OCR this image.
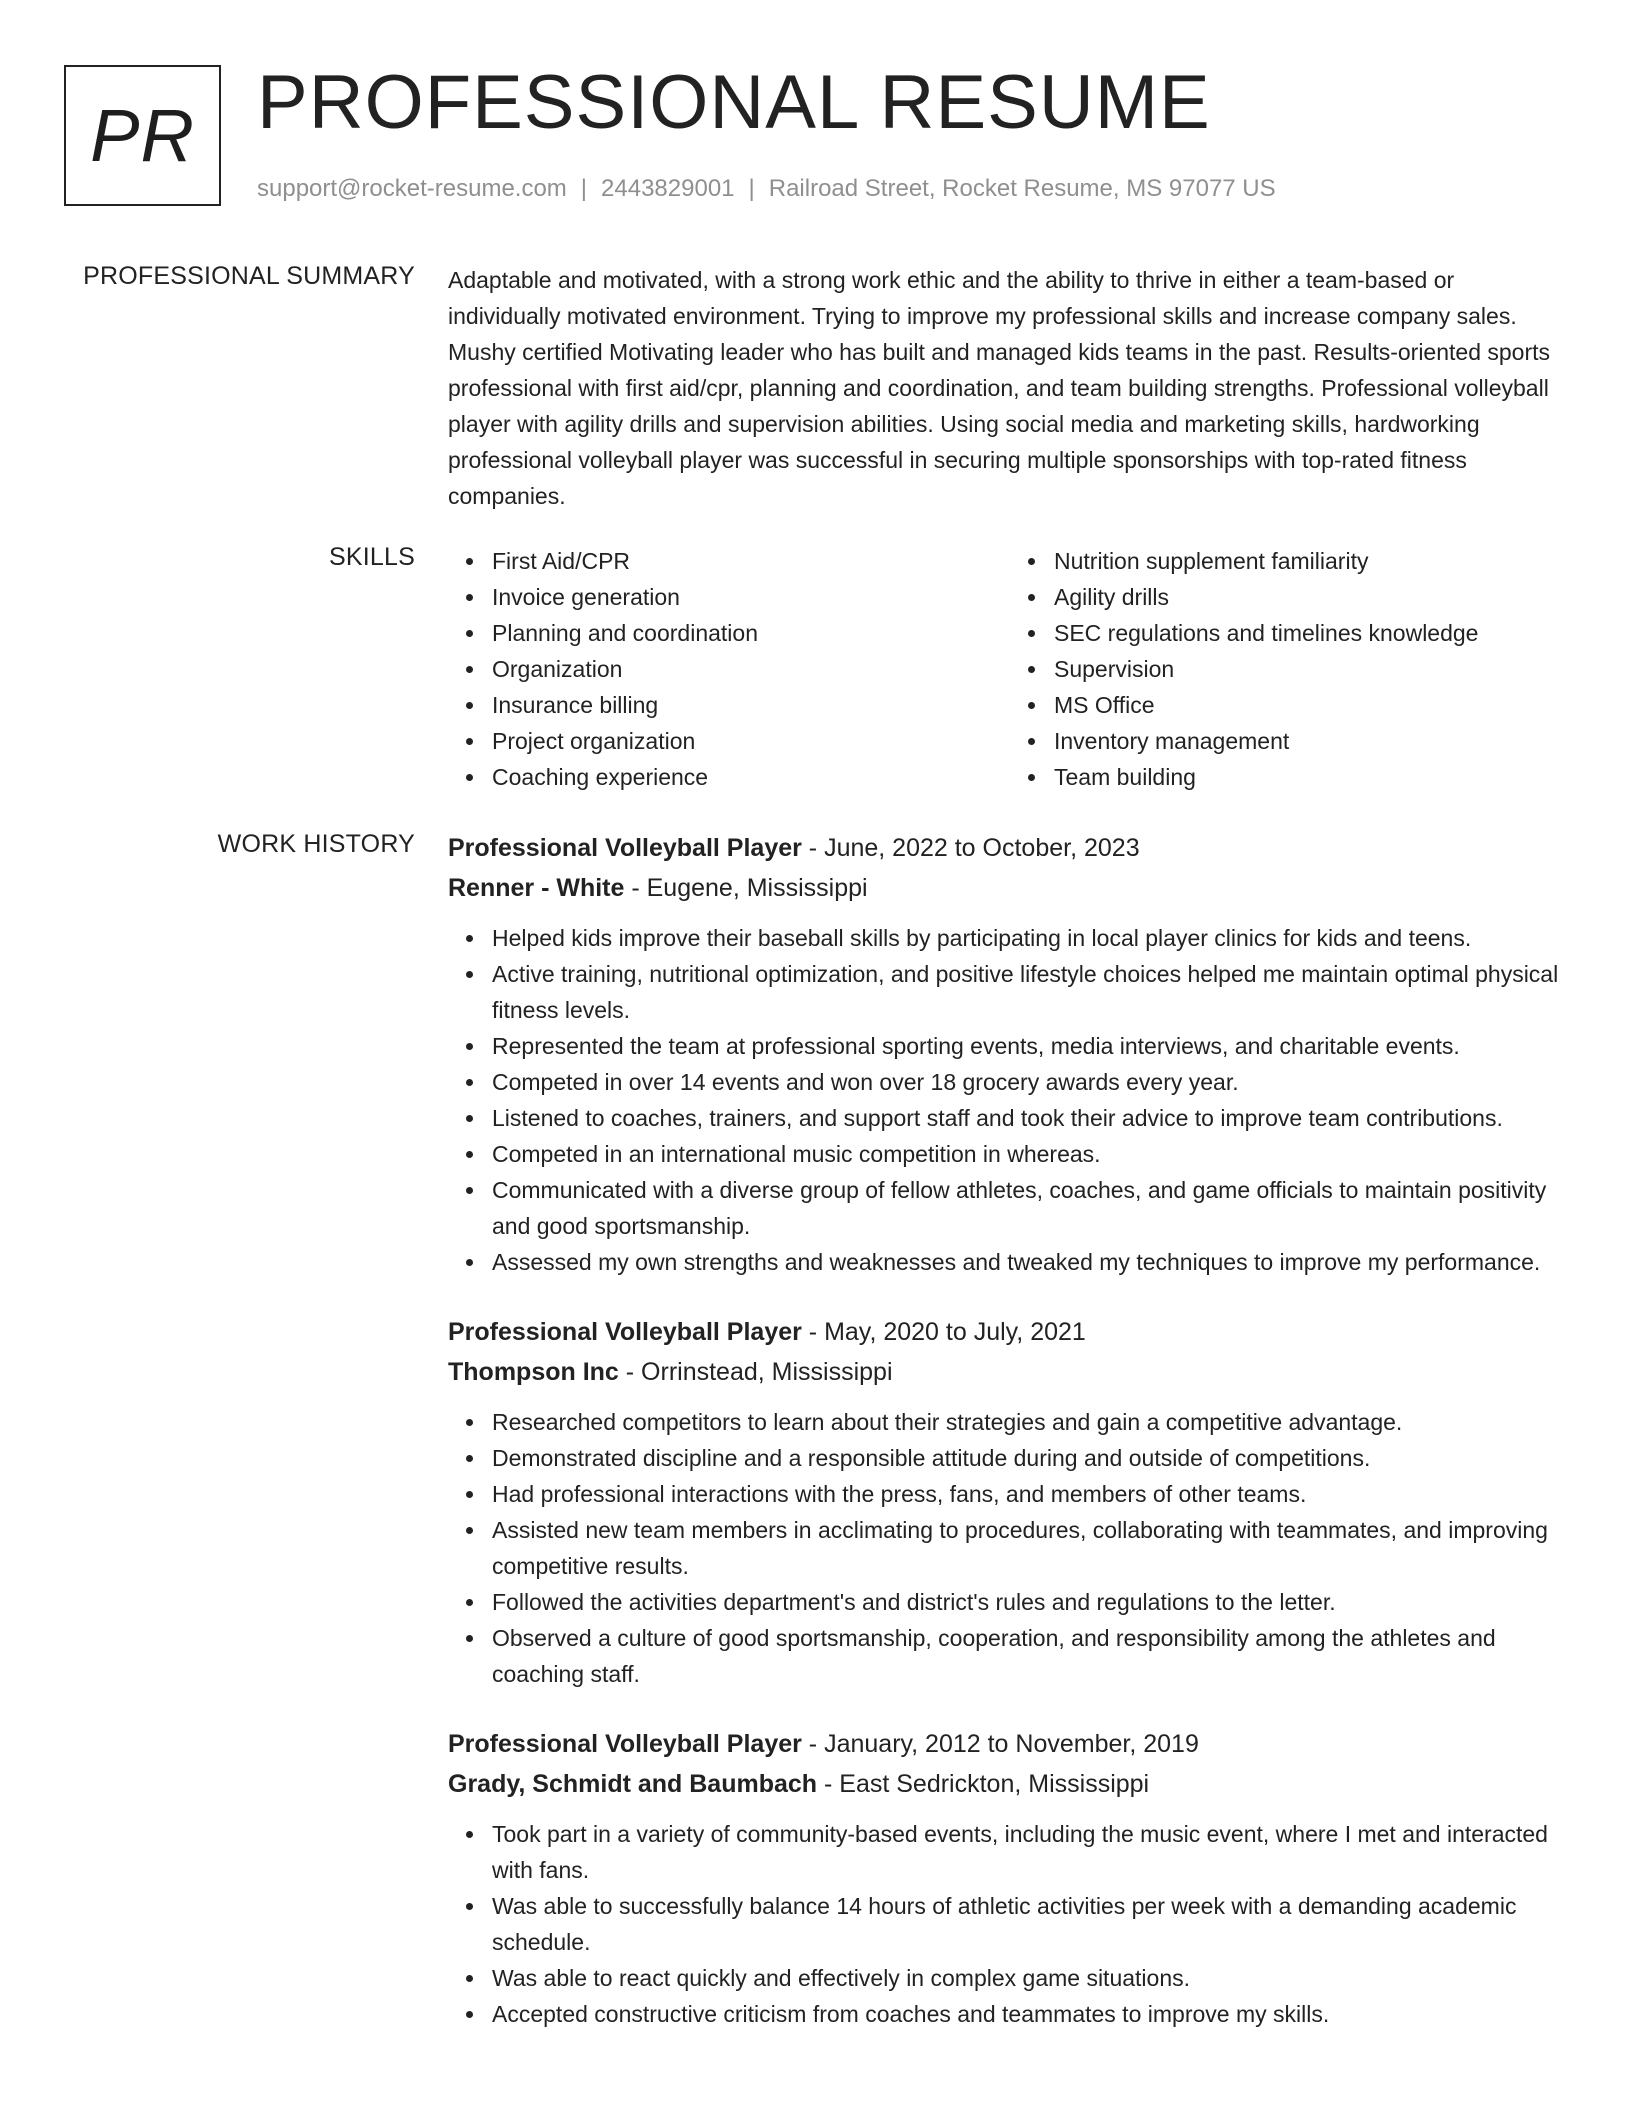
PR PROFESSIONAL RESUME
support@rocket-resume.com | 2443829001 | Railroad Street, Rocket Resume, MS 97077 US
PROFESSIONAL SUMMARY Adaptable and motivated, with a strong work ethic and the ability to thrive in either a team-based or individually motivated environment. Trying to improve my professional skills and increase company sales. Mushy certified Motivating leader who has built and managed kids teams in the past. Results-oriented sports professional with first aid/cpr, planning and coordination, and team building strengths. Professional volleyball player with agility drills and supervision abilities. Using social media and marketing skills, hardworking professional volleyball player was successful in securing multiple sponsorships with top-rated fitness companies.

SKILLS	First Aid/CPR
Invoice generation
Planning and coordination
Organization
Insurance billing
Project organization
Coaching experience
Nutrition supplement familiarity
Agility drills
SEC regulations and timelines knowledge
Supervision
MS Office
Inventory management
Team building
WORK HISTORY Professional Volleyball Player - June, 2022 to October, 2023
Renner - White - Eugene, Mississippi
Helped kids improve their baseball skills by participating in local player clinics for kids and teens.
Active training, nutritional optimization, and positive lifestyle choices helped me maintain optimal physical fitness levels.
Represented the team at professional sporting events, media interviews, and charitable events.
Competed in over 14 events and won over 18 grocery awards every year.
Listened to coaches, trainers, and support staff and took their advice to improve team contributions.
Competed in an international music competition in whereas.
Communicated with a diverse group of fellow athletes, coaches, and game officials to maintain positivity and good sportsmanship.
Assessed my own strengths and weaknesses and tweaked my techniques to improve my performance.
Professional Volleyball Player - May, 2020 to July, 2021
Thompson Inc - Orrinstead, Mississippi
Researched competitors to learn about their strategies and gain a competitive advantage.
Demonstrated discipline and a responsible attitude during and outside of competitions.
Had professional interactions with the press, fans, and members of other teams.
Assisted new team members in acclimating to procedures, collaborating with teammates, and improving competitive results.
Followed the activities department's and district's rules and regulations to the letter.
Observed a culture of good sportsmanship, cooperation, and responsibility among the athletes and coaching staff.
Professional Volleyball Player - January, 2012 to November, 2019
Grady, Schmidt and Baumbach - East Sedrickton, Mississippi
Took part in a variety of community-based events, including the music event, where I met and interacted with fans.
Was able to successfully balance 14 hours of athletic activities per week with a demanding academic schedule.
Was able to react quickly and effectively in complex game situations.
Accepted constructive criticism from coaches and teammates to improve my skills.
